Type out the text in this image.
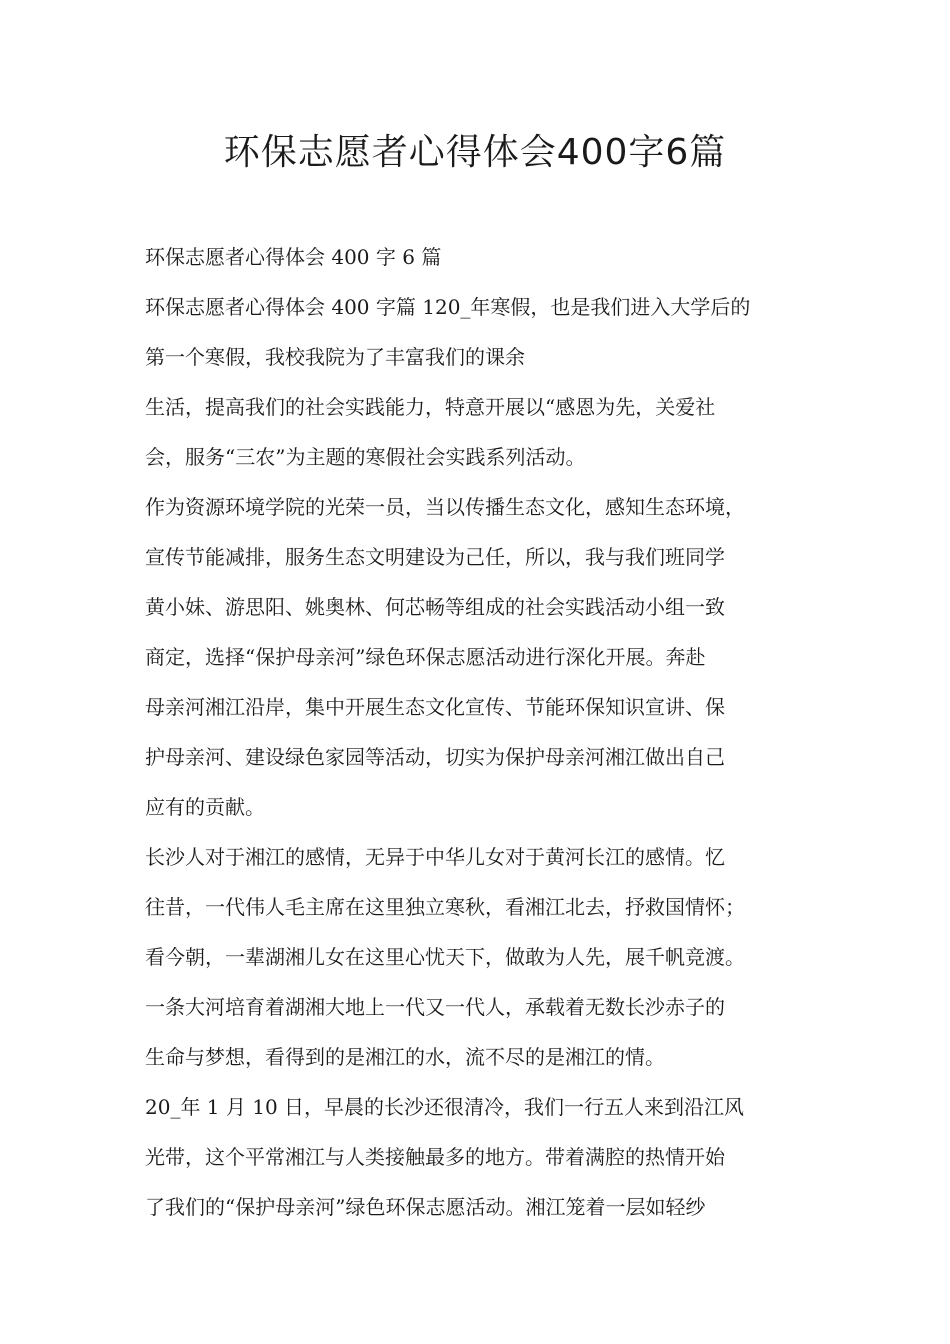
环保志愿者心得体会400字6篇
环保志愿者心得体会 400 字 6 篇
环保志愿者心得体会 400 字篇 120_年寒假，也是我们进入大学后的
第一个寒假，我校我院为了丰富我们的课余
生活，提高我们的社会实践能力，特意开展以“感恩为先，关爱社
会，服务“三农”为主题的寒假社会实践系列活动。
作为资源环境学院的光荣一员，当以传播生态文化，感知生态环境，
宣传节能减排，服务生态文明建设为己任，所以，我与我们班同学
黄小妹、游思阳、姚奥林、何芯畅等组成的社会实践活动小组一致
商定，选择“保护母亲河”绿色环保志愿活动进行深化开展。奔赴
母亲河湘江沿岸，集中开展生态文化宣传、节能环保知识宣讲、保
护母亲河、建设绿色家园等活动，切实为保护母亲河湘江做出自己
应有的贡献。
长沙人对于湘江的感情，无异于中华儿女对于黄河长江的感情。忆
往昔，一代伟人毛主席在这里独立寒秋，看湘江北去，抒救国情怀；
看今朝，一辈湖湘儿女在这里心忧天下，做敢为人先，展千帆竞渡。
一条大河培育着湖湘大地上一代又一代人，承载着无数长沙赤子的
生命与梦想，看得到的是湘江的水，流不尽的是湘江的情。
20_年 1 月 10 日，早晨的长沙还很清冷，我们一行五人来到沿江风
光带，这个平常湘江与人类接触最多的地方。带着满腔的热情开始
了我们的“保护母亲河”绿色环保志愿活动。湘江笼着一层如轻纱
